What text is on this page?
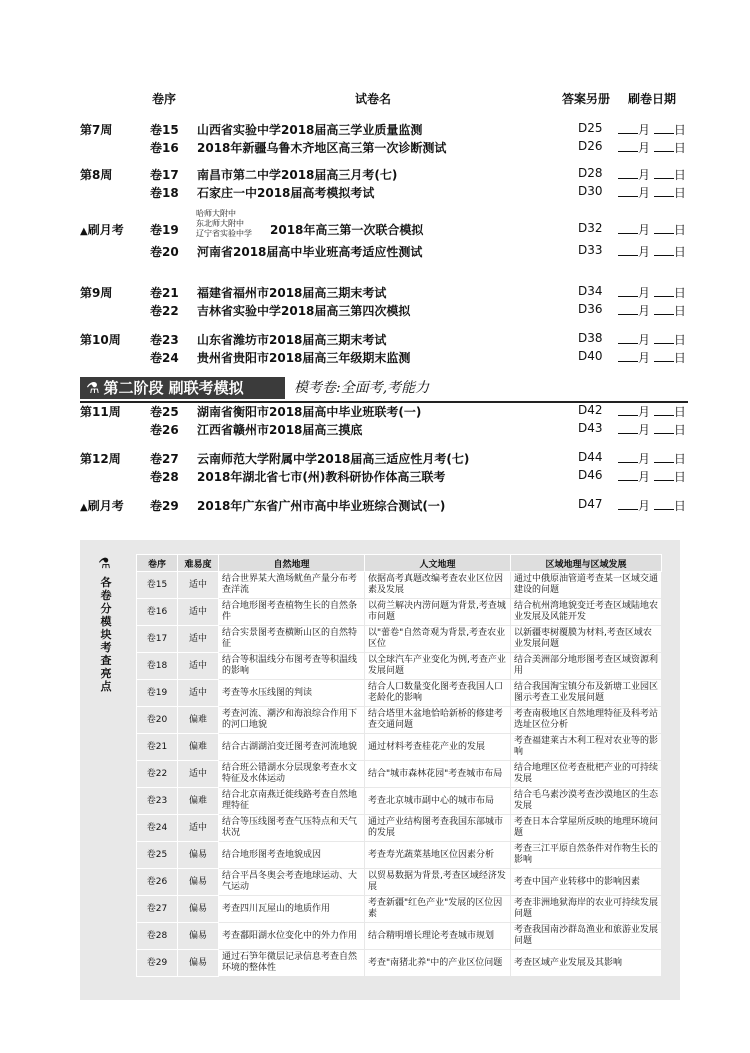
卷序	试卷名	答案另册 刷卷日期
第7周	卷15 山西省实验中学2018届高三学业质量监测	D25	月 日
卷16 2018年新疆乌鲁木齐地区高三第一次诊断测试	D26	月 日
第8周	卷17 南昌市第二中学2018届高三月考(七)	D28	月 日
卷18 石家庄一中2018届高考模拟考试	D30	月 日
▲刷月考 卷19	2018年高三第一次联合模拟	D32	月 日
哈师大附中
东北师大附中
辽宁省实验中学
卷20 河南省2018届高中毕业班高考适应性测试	D33	月 日
第9周	卷21 福建省福州市2018届高三期末考试	D34	月 日
卷22 吉林省实验中学2018届高三第四次模拟	D36	月 日
第10周 卷23 山东省潍坊市2018届高三期末考试	D38	月 日
卷24 贵州省贵阳市2018届高三年级期末监测	D40	月 日
⚗ 第二阶段 刷联考模拟	模考卷:全面考,考能力
第11周 卷25 湖南省衡阳市2018届高中毕业班联考(一)	D42	月 日
卷26 江西省赣州市2018届高三摸底	D43	月 日
第12周 卷27 云南师范大学附属中学2018届高三适应性月考(七)	D44	月 日
卷28 2018年湖北省七市(州)教科研协作体高三联考	D46	月 日
▲刷月考 卷29 2018年广东省广州市高中毕业班综合测试(一)	D47	月 日
⚗
各卷分模块考查亮点
卷序	难易度	自然地理	人文地理	区域地理与区域发展
卷15	适中	结合世界某大渔场鱿鱼产量分布考查洋流	依据高考真题改编考查农业区位因素及发展	通过中俄原油管道考查某一区域交通建设的问题
卷16	适中	结合地形图考查植物生长的自然条件	以荷兰解决内涝问题为背景,考查城市问题	结合杭州湾地貌变迁考查区域陆地农业发展及风能开发
卷17	适中	结合实景图考查横断山区的自然特征	以"蕾卷"自然奇观为背景,考查农业区位	以新疆枣树覆膜为材料,考查区域农业发展问题
卷18	适中	结合等积温线分布图考查等积温线的影响	以全球汽车产业变化为例,考查产业发展问题	结合美洲部分地形图考查区域资源利用
卷19	适中	考查等水压线图的判读	结合人口数量变化图考查我国人口老龄化的影响	结合我国淘宝镇分布及新塘工业园区图示考查工业发展问题
卷20	偏难	考查河流、潮汐和海浪综合作用下的河口地貌	结合塔里木盆地恰哈新桥的修建考查交通问题	考查南极地区自然地理特征及科考站选址区位分析
卷21	偏难	结合古湖湖泊变迁图考查河流地貌	通过材料考查桂花产业的发展	考查福建莱古木利工程对农业等的影响
卷22	适中	结合班公错湖水分层现象考查水文特征及水体运动	结合"城市森林花园"考查城市布局	结合地理区位考查枇杷产业的可持续发展
卷23	偏难	结合北京南燕迁徙线路考查自然地理特征	考查北京城市副中心的城市布局	结合毛乌素沙漠考查沙漠地区的生态发展
卷24	适中	结合等压线图考查气压特点和天气状况	通过产业结构图考查我国东部城市的发展	考查日本合掌屋所反映的地理环境问题
卷25	偏易	结合地形图考查地貌成因	考查寿光蔬菜基地区位因素分析	考查三江平原自然条件对作物生长的影响
卷26	偏易	结合平昌冬奥会考查地球运动、大气运动	以贸易数据为背景,考查区域经济发展	考查中国产业转移中的影响因素
卷27	偏易	考查四川瓦屋山的地质作用	考查新疆"红色产业"发展的区位因素	考查非洲地狱海岸的农业可持续发展问题
卷28	偏易	考查鄱阳湖水位变化中的外力作用	结合精明增长理论考查城市规划	考查我国南沙群岛渔业和旅游业发展问题
卷29	偏易	通过石笋年微层记录信息考查自然环境的整体性	考查"南猪北养"中的产业区位问题	考查区域产业发展及其影响
